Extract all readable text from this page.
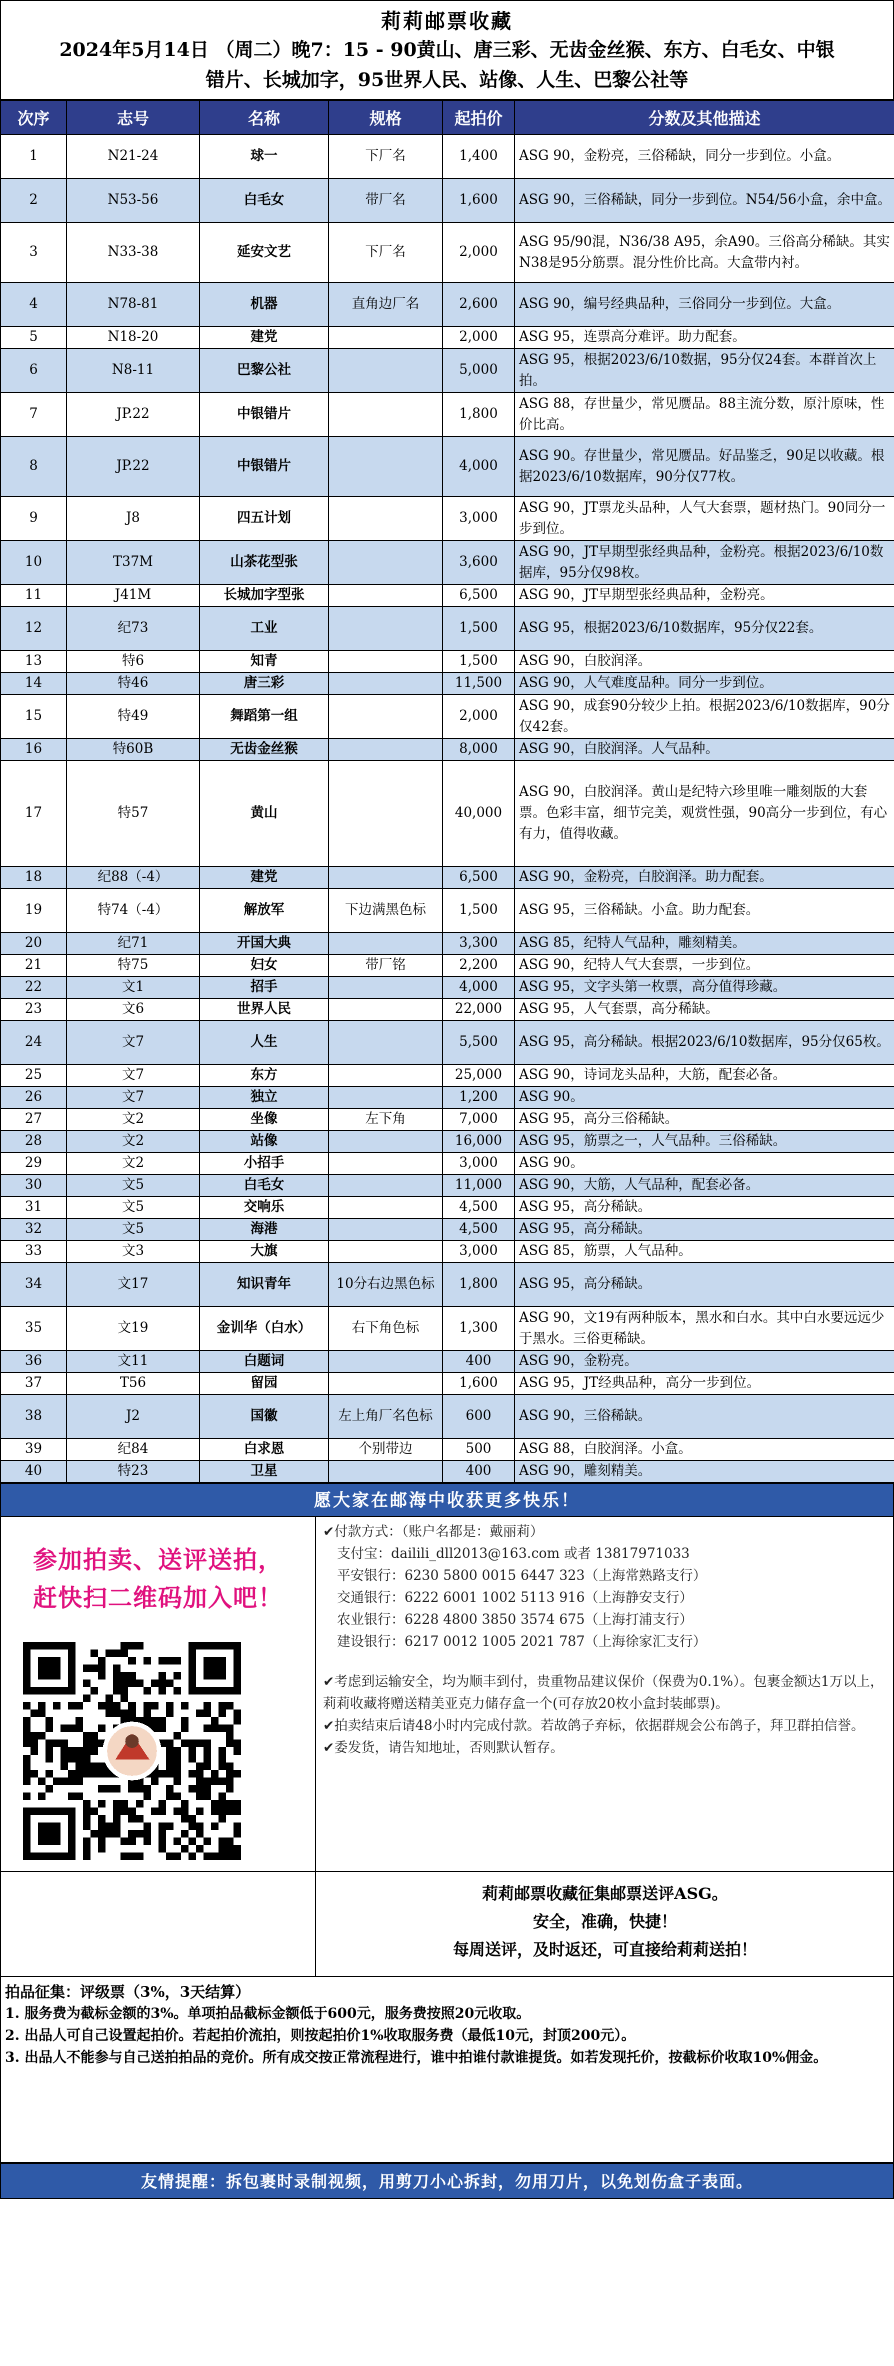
莉莉邮票收藏
2024年5月14日 （周二）晚7：15 - 90黄山、唐三彩、无齿金丝猴、东方、白毛女、中银
错片、长城加字，95世界人民、站像、人生、巴黎公社等
次序	志号	名称	规格	起拍价	分数及其他描述
1	N21-24	球一	下厂名	1,400	ASG 90，金粉亮，三俗稀缺，同分一步到位。小盒。
2	N53-56	白毛女	带厂名	1,600	ASG 90，三俗稀缺，同分一步到位。N54/56小盒，余中盒。
3	N33-38	延安文艺	下厂名	2,000	ASG 95/90混，N36/38 A95，余A90。三俗高分稀缺。其实N38是95分筋票。混分性价比高。大盒带内衬。
4	N78-81	机器	直角边厂名	2,600	ASG 90，编号经典品种，三俗同分一步到位。大盒。
5	N18-20	建党		2,000	ASG 95，连票高分难评。助力配套。
6	N8-11	巴黎公社		5,000	ASG 95，根据2023/6/10数据，95分仅24套。本群首次上拍。
7	JP.22	中银错片		1,800	ASG 88，存世量少，常见赝品。88主流分数，原汁原味，性价比高。
8	JP.22	中银错片		4,000	ASG 90。存世量少，常见赝品。好品鉴乏，90足以收藏。根据2023/6/10数据库，90分仅77枚。
9	J8	四五计划		3,000	ASG 90，JT票龙头品种，人气大套票，题材热门。90同分一步到位。
10	T37M	山茶花型张		3,600	ASG 90，JT早期型张经典品种，金粉亮。根据2023/6/10数据库，95分仅98枚。
11	J41M	长城加字型张		6,500	ASG 90，JT早期型张经典品种，金粉亮。
12	纪73	工业		1,500	ASG 95，根据2023/6/10数据库，95分仅22套。
13	特6	知青		1,500	ASG 90，白胶润泽。
14	特46	唐三彩		11,500	ASG 90，人气难度品种。同分一步到位。
15	特49	舞蹈第一组		2,000	ASG 90，成套90分较少上拍。根据2023/6/10数据库，90分仅42套。
16	特60B	无齿金丝猴		8,000	ASG 90，白胶润泽。人气品种。
17	特57	黄山		40,000	ASG 90，白胶润泽。黄山是纪特六珍里唯一雕刻版的大套票。色彩丰富，细节完美，观赏性强，90高分一步到位，有心有力，值得收藏。
18	纪88（-4）	建党		6,500	ASG 90，金粉亮，白胶润泽。助力配套。
19	特74（-4）	解放军	下边满黑色标	1,500	ASG 95，三俗稀缺。小盒。助力配套。
20	纪71	开国大典		3,300	ASG 85，纪特人气品种，雕刻精美。
21	特75	妇女	带厂铭	2,200	ASG 90，纪特人气大套票，一步到位。
22	文1	招手		4,000	ASG 95，文字头第一枚票，高分值得珍藏。
23	文6	世界人民		22,000	ASG 95，人气套票，高分稀缺。
24	文7	人生		5,500	ASG 95，高分稀缺。根据2023/6/10数据库，95分仅65枚。
25	文7	东方		25,000	ASG 90，诗词龙头品种，大筋，配套必备。
26	文7	独立		1,200	ASG 90。
27	文2	坐像	左下角	7,000	ASG 95，高分三俗稀缺。
28	文2	站像		16,000	ASG 95，筋票之一，人气品种。三俗稀缺。
29	文2	小招手		3,000	ASG 90。
30	文5	白毛女		11,000	ASG 90，大筋，人气品种，配套必备。
31	文5	交响乐		4,500	ASG 95，高分稀缺。
32	文5	海港		4,500	ASG 95，高分稀缺。
33	文3	大旗		3,000	ASG 85，筋票，人气品种。
34	文17	知识青年	10分右边黑色标	1,800	ASG 95，高分稀缺。
35	文19	金训华（白水）	右下角色标	1,300	ASG 90，文19有两种版本，黑水和白水。其中白水要远远少于黑水。三俗更稀缺。
36	文11	白题词		400	ASG 90，金粉亮。
37	T56	留园		1,600	ASG 95，JT经典品种，高分一步到位。
38	J2	国徽	左上角厂名色标	600	ASG 90，三俗稀缺。
39	纪84	白求恩	个别带边	500	ASG 88，白胶润泽。小盒。
40	特23	卫星		400	ASG 90，雕刻精美。
愿大家在邮海中收获更多快乐！
参加拍卖、送评送拍，
赶快扫二维码加入吧！
✔付款方式：（账户名都是：戴丽莉）
支付宝：dailili_dll2013@163.com 或者 13817971033
平安银行：6230 5800 0015 6447 323（上海常熟路支行）
交通银行：6222 6001 1002 5113 916（上海静安支行）
农业银行：6228 4800 3850 3574 675（上海打浦支行）
建设银行：6217 0012 1005 2021 787（上海徐家汇支行）
✔考虑到运输安全，均为顺丰到付，贵重物品建议保价（保费为0.1%）。包裹金额达1万以上，莉莉收藏将赠送精美亚克力储存盒一个(可存放20枚小盒封装邮票)。
✔拍卖结束后请48小时内完成付款。若故鸽子弃标，依据群规会公布鸽子，拜卫群拍信誉。
✔委发货，请告知地址，否则默认暂存。
莉莉邮票收藏征集邮票送评ASG。
安全，准确，快捷！
每周送评，及时返还，可直接给莉莉送拍！
拍品征集：评级票（3%，3天结算）
1. 服务费为截标金额的3%。单项拍品截标金额低于600元，服务费按照20元收取。
2. 出品人可自己设置起拍价。若起拍价流拍，则按起拍价1%收取服务费（最低10元，封顶200元）。
3. 出品人不能参与自己送拍拍品的竞价。所有成交按正常流程进行，谁中拍谁付款谁提货。如若发现托价，按截标价收取10%佣金。
友情提醒：拆包裹时录制视频，用剪刀小心拆封，勿用刀片，以免划伤盒子表面。
